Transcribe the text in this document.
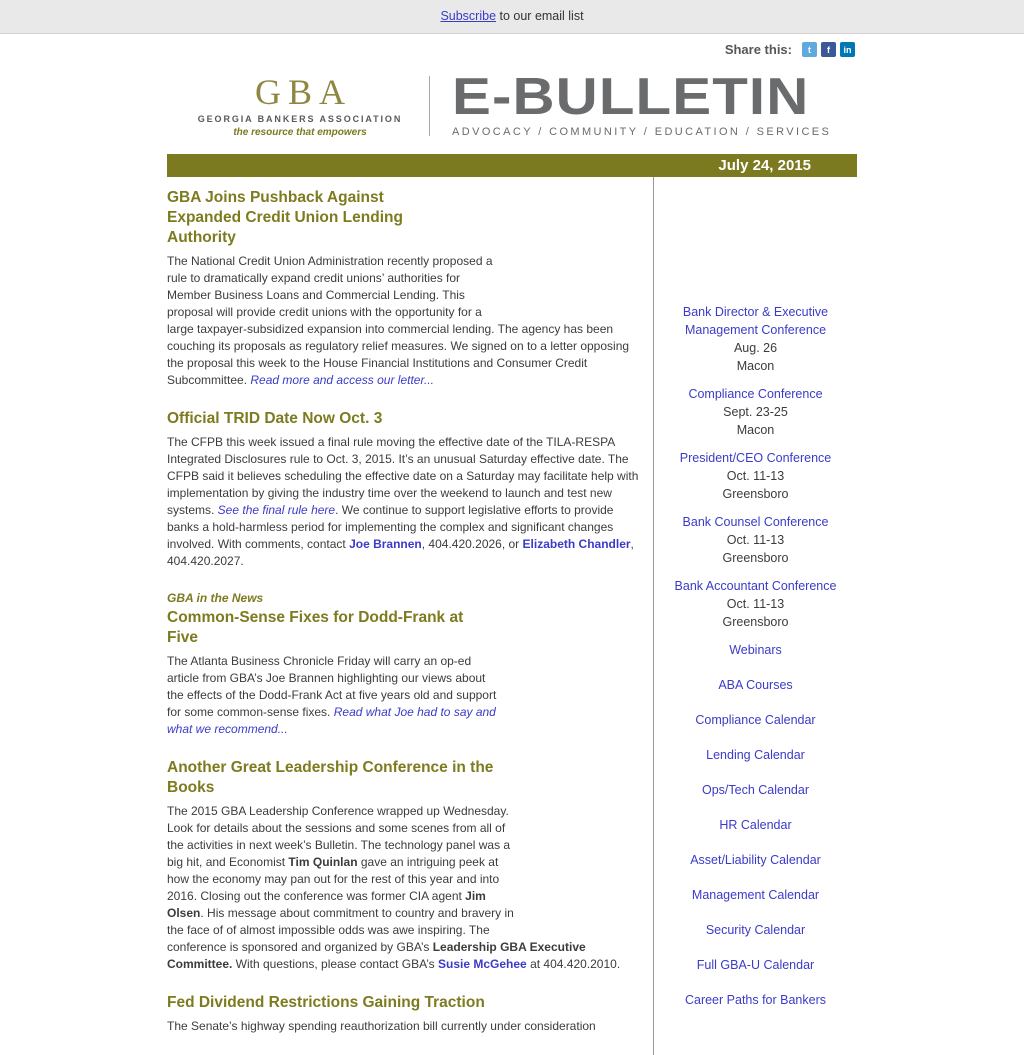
Subscribe to our email list
Share this:	t	f	in
GBA
GEORGIA BANKERS ASSOCIATION
the resource that empowers
E-BULLETIN
ADVOCACY / COMMUNITY / EDUCATION / SERVICES
July 24, 2015
GBA Joins Pushback Against Expanded Credit Union Lending Authority

The National Credit Union Administration recently proposed a rule to dramatically expand credit unions’ authorities for Member Business Loans and Commercial Lending. This proposal will provide credit unions with the opportunity for a large taxpayer-subsidized expansion into commercial lending. The agency has been couching its proposals as regulatory relief measures. We signed on to a letter opposing the proposal this week to the House Financial Institutions and Consumer Credit Subcommittee. Read more and access our letter...

Official TRID Date Now Oct. 3

The CFPB this week issued a final rule moving the effective date of the TILA-RESPA Integrated Disclosures rule to Oct. 3, 2015. It’s an unusual Saturday effective date. The CFPB said it believes scheduling the effective date on a Saturday may facilitate help with implementation by giving the industry time over the weekend to launch and test new systems. See the final rule here. We continue to support legislative efforts to provide banks a hold-harmless period for implementing the complex and significant changes involved. With comments, contact Joe Brannen, 404.420.2026, or Elizabeth Chandler, 404.420.2027.

GBA in the News
Common-Sense Fixes for Dodd-Frank at Five

The Atlanta Business Chronicle Friday will carry an op-ed article from GBA’s Joe Brannen highlighting our views about the effects of the Dodd-Frank Act at five years old and support for some common-sense fixes. Read what Joe had to say and what we recommend...

Another Great Leadership Conference in the Books

The 2015 GBA Leadership Conference wrapped up Wednesday. Look for details about the sessions and some scenes from all of the activities in next week’s Bulletin. The technology panel was a big hit, and Economist Tim Quinlan gave an intriguing peek at how the economy may pan out for the rest of this year and into 2016. Closing out the conference was former CIA agent Jim Olsen. His message about commitment to country and bravery in the face of of almost impossible odds was awe inspiring. The conference is sponsored and organized by GBA’s Leadership GBA Executive Committee. With questions, please contact GBA’s Susie McGehee at 404.420.2010.

Fed Dividend Restrictions Gaining Traction

The Senate’s highway spending reauthorization bill currently under consideration

Bank Director & Executive Management Conference
Aug. 26
Macon
Compliance Conference
Sept. 23-25
Macon
President/CEO Conference
Oct. 11-13
Greensboro
Bank Counsel Conference
Oct. 11-13
Greensboro
Bank Accountant Conference
Oct. 11-13
Greensboro
Webinars
ABA Courses
Compliance Calendar
Lending Calendar
Ops/Tech Calendar
HR Calendar
Asset/Liability Calendar
Management Calendar
Security Calendar
Full GBA-U Calendar
Career Paths for Bankers
